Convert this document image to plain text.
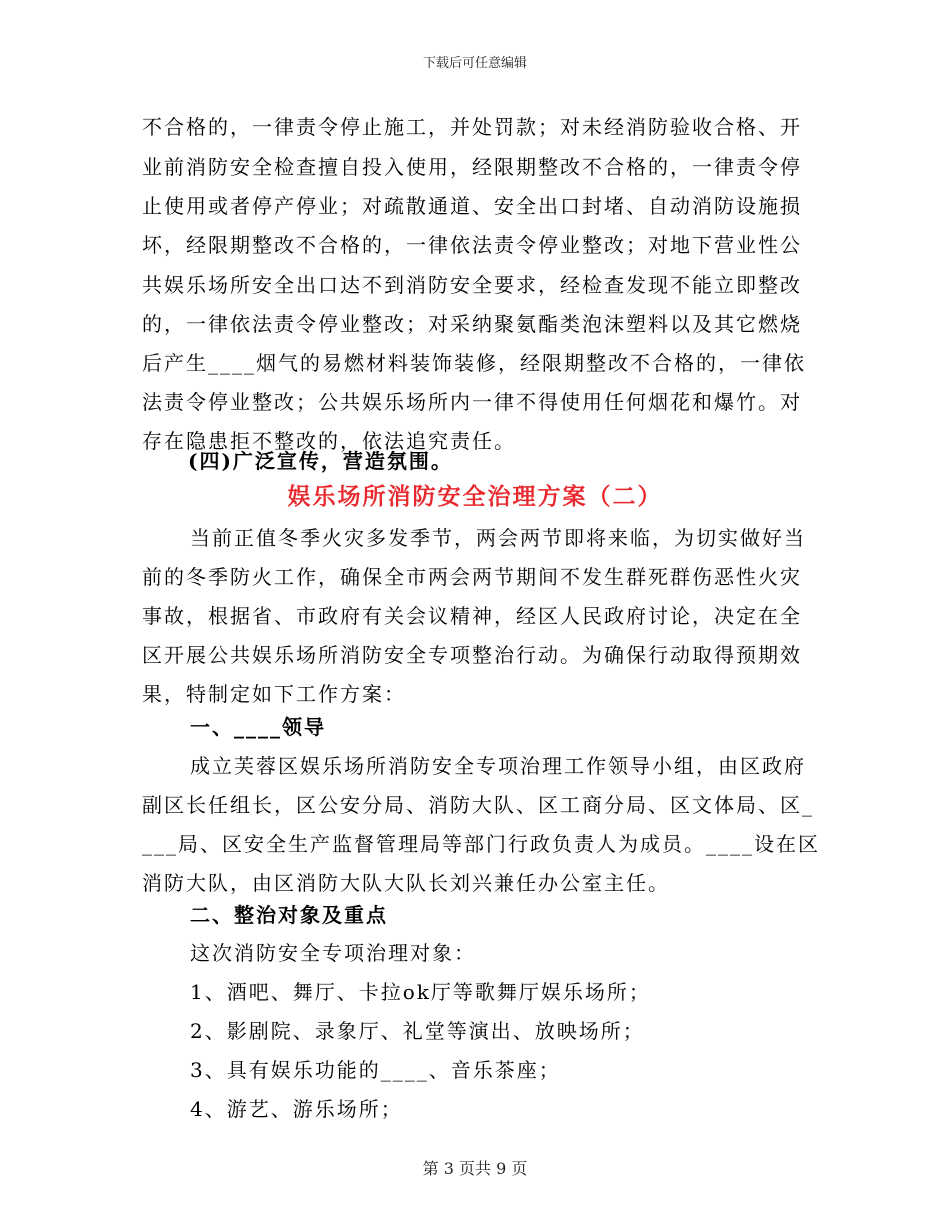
下载后可任意编辑
不合格的，一律责令停止施工，并处罚款；对未经消防验收合格、开
业前消防安全检查擅自投入使用，经限期整改不合格的，一律责令停
止使用或者停产停业；对疏散通道、安全出口封堵、自动消防设施损
坏，经限期整改不合格的，一律依法责令停业整改；对地下营业性公
共娱乐场所安全出口达不到消防安全要求，经检查发现不能立即整改
的，一律依法责令停业整改；对采纳聚氨酯类泡沫塑料以及其它燃烧
后产生____烟气的易燃材料装饰装修，经限期整改不合格的，一律依
法责令停业整改；公共娱乐场所内一律不得使用任何烟花和爆竹。对
存在隐患拒不整改的，依法追究责任。
(四)广泛宣传，营造氛围。
娱乐场所消防安全治理方案（二）
当前正值冬季火灾多发季节，两会两节即将来临，为切实做好当
前的冬季防火工作，确保全市两会两节期间不发生群死群伤恶性火灾
事故，根据省、市政府有关会议精神，经区人民政府讨论，决定在全
区开展公共娱乐场所消防安全专项整治行动。为确保行动取得预期效
果，特制定如下工作方案：
一、____领导
成立芙蓉区娱乐场所消防安全专项治理工作领导小组，由区政府
副区长任组长，区公安分局、消防大队、区工商分局、区文体局、区_
___局、区安全生产监督管理局等部门行政负责人为成员。____设在区
消防大队，由区消防大队大队长刘兴兼任办公室主任。
二、整治对象及重点
这次消防安全专项治理对象：
1、酒吧、舞厅、卡拉ok厅等歌舞厅娱乐场所；
2、影剧院、录象厅、礼堂等演出、放映场所；
3、具有娱乐功能的____、音乐茶座；
4、游艺、游乐场所；
第 3 页共 9 页
